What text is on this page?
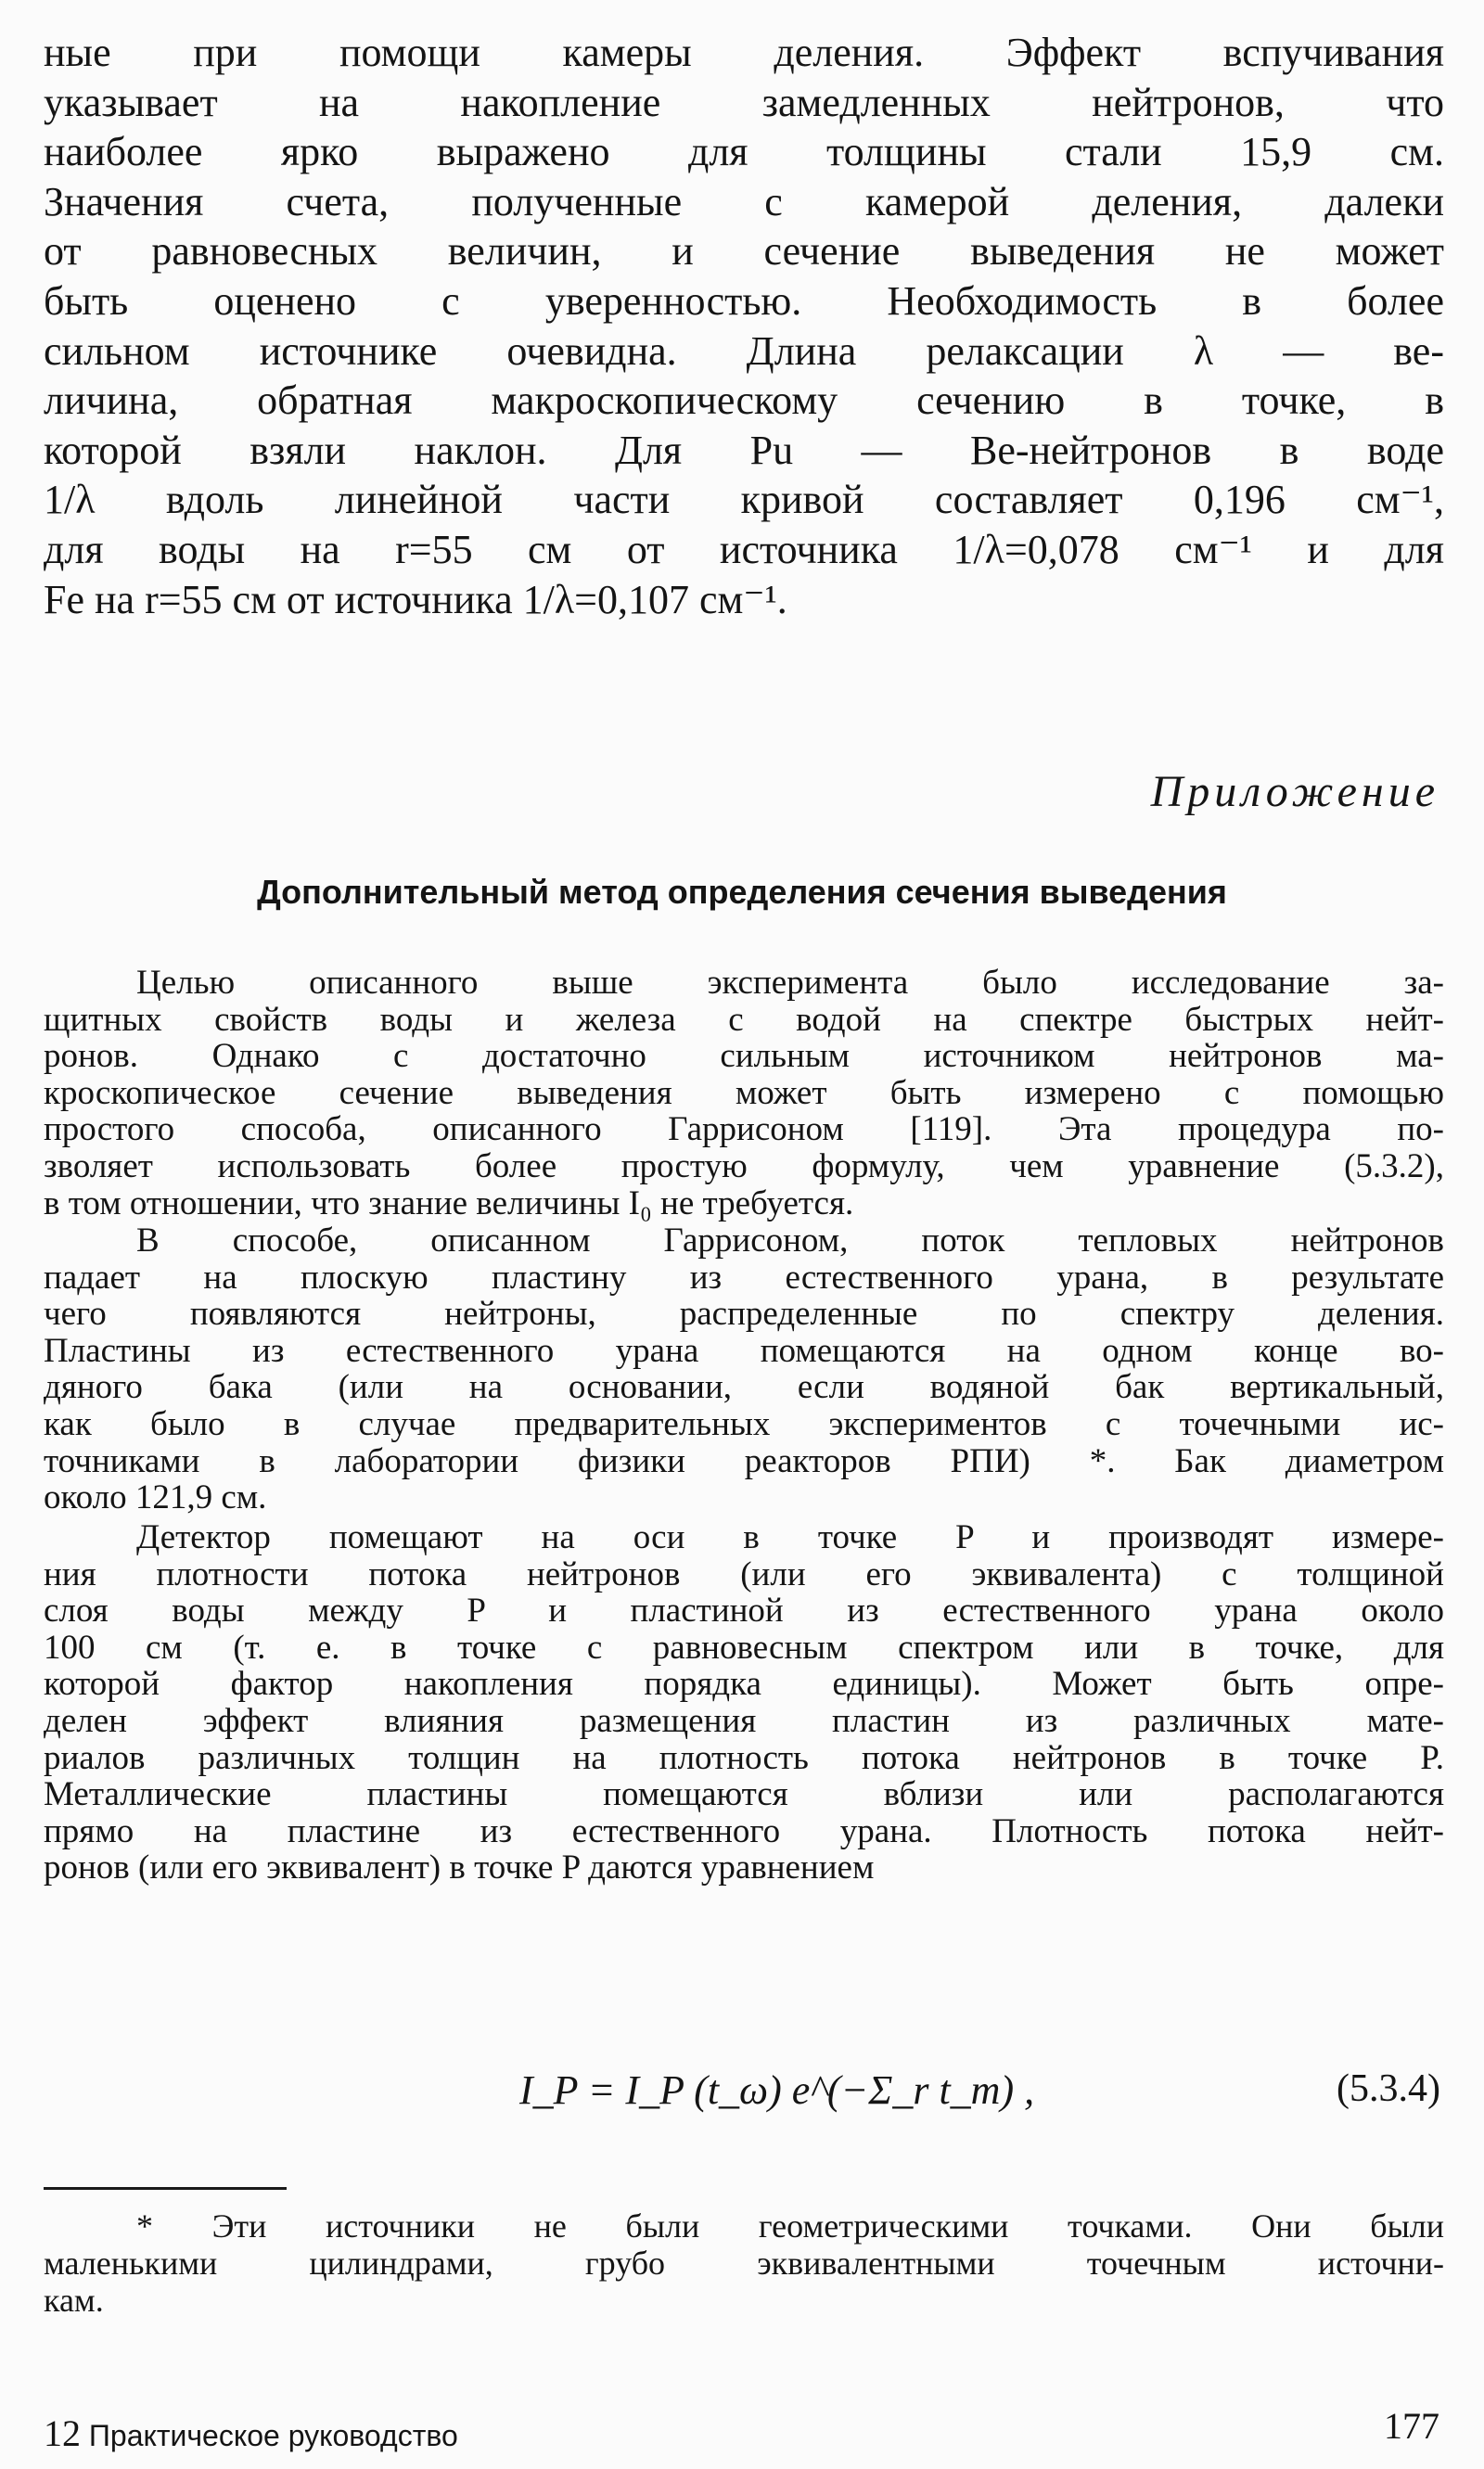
ные при помощи камеры деления. Эффект вспучивания
указывает на накопление замедленных нейтронов, что
наиболее ярко выражено для толщины стали 15,9 см.
Значения счета, полученные с камерой деления, далеки
от равновесных величин, и сечение выведения не может
быть оценено с уверенностью. Необходимость в более
сильном источнике очевидна. Длина релаксации λ — ве-
личина, обратная макроскопическому сечению в точке, в
которой взяли наклон. Для Pu — Be-нейтронов в воде
1/λ вдоль линейной части кривой составляет 0,196 см⁻¹,
для воды на r=55 см от источника 1/λ=0,078 см⁻¹ и для
Fe на r=55 см от источника 1/λ=0,107 см⁻¹.
Приложение
Дополнительный метод определения сечения выведения
Целью описанного выше эксперимента было исследование за-
щитных свойств воды и железа с водой на спектре быстрых нейт-
ронов. Однако с достаточно сильным источником нейтронов ма-
кроскопическое сечение выведения может быть измерено с помощью
простого способа, описанного Гаррисоном [119]. Эта процедура по-
зволяет использовать более простую формулу, чем уравнение (5.3.2),
в том отношении, что знание величины I₀ не требуется.
В способе, описанном Гаррисоном, поток тепловых нейтронов
падает на плоскую пластину из естественного урана, в результате
чего появляются нейтроны, распределенные по спектру деления.
Пластины из естественного урана помещаются на одном конце во-
дяного бака (или на основании, если водяной бак вертикальный,
как было в случае предварительных экспериментов с точечными ис-
точниками в лаборатории физики реакторов РПИ) *. Бак диаметром
около 121,9 см.
Детектор помещают на оси в точке P и производят измере-
ния плотности потока нейтронов (или его эквивалента) с толщиной
слоя воды между P и пластиной из естественного урана около
100 см (т. е. в точке с равновесным спектром или в точке, для
которой фактор накопления порядка единицы). Может быть опре-
делен эффект влияния размещения пластин из различных мате-
риалов различных толщин на плотность потока нейтронов в точке P.
Металлические пластины помещаются вблизи или располагаются
прямо на пластине из естественного урана. Плотность потока нейт-
ронов (или его эквивалент) в точке P даются уравнением
I_P = I_P (t_ω) e^(−Σ_r t_m) ,	(5.3.4)
* Эти источники не были геометрическими точками. Они были
маленькими цилиндрами, грубо эквивалентными точечным источни-
кам.
12 Практическое руководство	177
